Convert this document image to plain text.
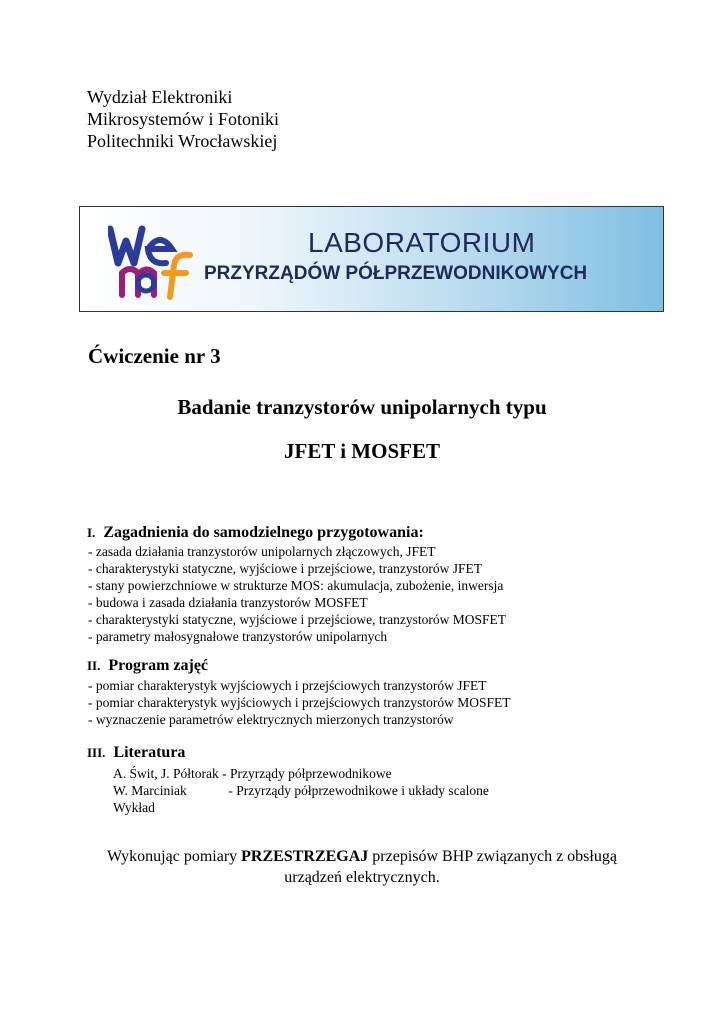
Wydział Elektroniki
Mikrosystemów i Fotoniki
Politechniki Wrocławskiej
LABORATORIUM
PRZYRZĄDÓW PÓŁPRZEWODNIKOWYCH
Ćwiczenie nr 3
Badanie tranzystorów unipolarnych typu
JFET i MOSFET
I. Zagadnienia do samodzielnego przygotowania:
- zasada działania tranzystorów unipolarnych złączowych, JFET
- charakterystyki statyczne, wyjściowe i przejściowe, tranzystorów JFET
- stany powierzchniowe w strukturze MOS: akumulacja, zubożenie, inwersja
- budowa i zasada działania tranzystorów MOSFET
- charakterystyki statyczne, wyjściowe i przejściowe, tranzystorów MOSFET
- parametry małosygnałowe tranzystorów unipolarnych
II. Program zajęć
- pomiar charakterystyk wyjściowych i przejściowych tranzystorów JFET
- pomiar charakterystyk wyjściowych i przejściowych tranzystorów MOSFET
- wyznaczenie parametrów elektrycznych mierzonych tranzystorów
III. Literatura
A. Świt, J. Półtorak - Przyrządy półprzewodnikowe
W. Marciniak	- Przyrządy półprzewodnikowe i układy scalone
Wykład
Wykonując pomiary PRZESTRZEGAJ przepisów BHP związanych z obsługą
urządzeń elektrycznych.
